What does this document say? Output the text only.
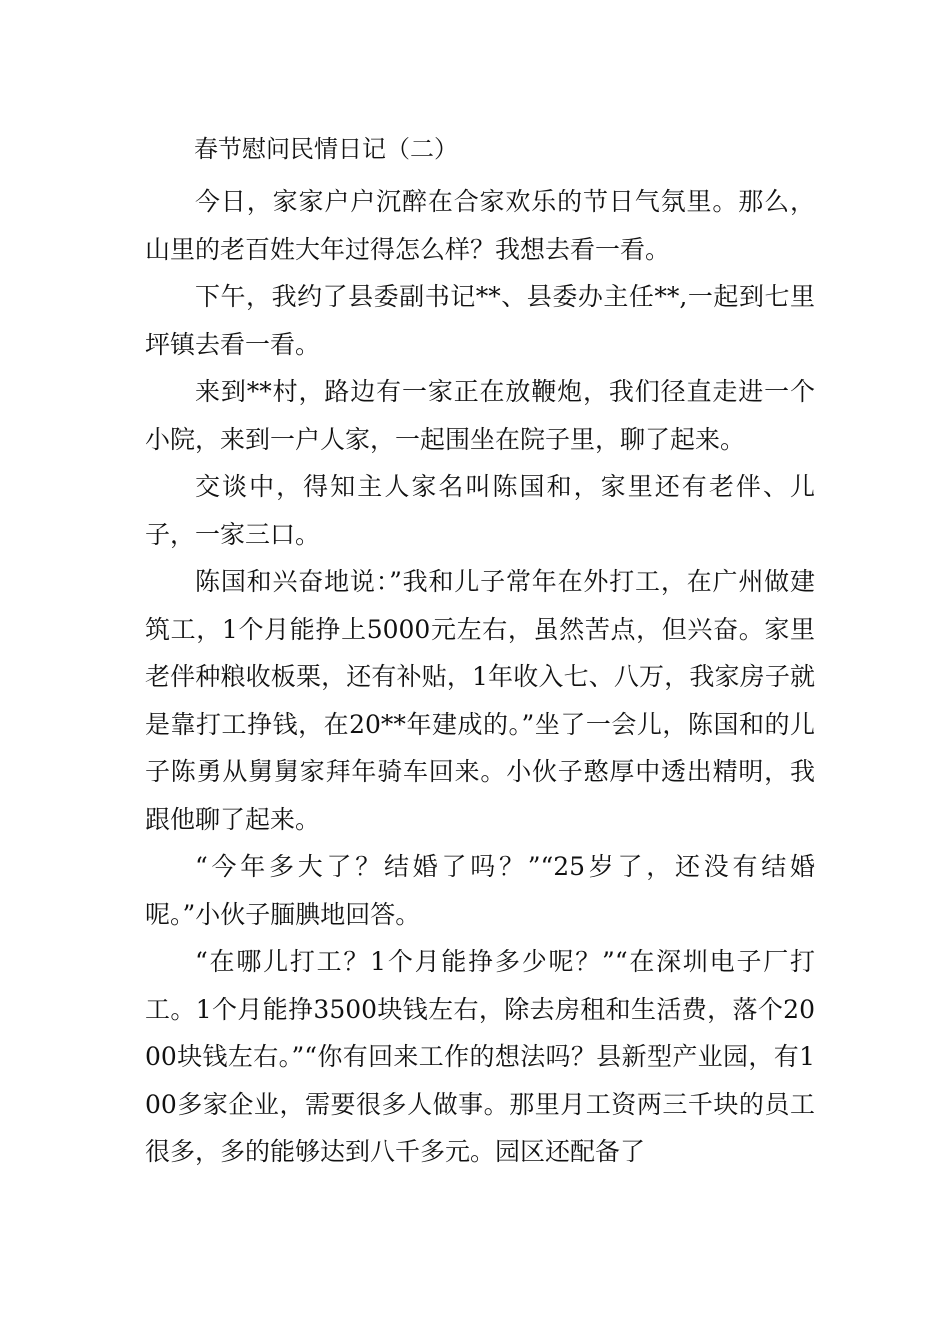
春节慰问民情日记（二）

今日，家家户户沉醉在合家欢乐的节日气氛里。那么，山里的老百姓大年过得怎么样？我想去看一看。

下午，我约了县委副书记**、县委办主任**,一起到七里坪镇去看一看。

来到**村，路边有一家正在放鞭炮，我们径直走进一个小院，来到一户人家，一起围坐在院子里，聊了起来。

交谈中，得知主人家名叫陈国和，家里还有老伴、儿子，一家三口。

陈国和兴奋地说：”我和儿子常年在外打工，在广州做建筑工，1个月能挣上5000元左右，虽然苦点，但兴奋。家里老伴种粮收板栗，还有补贴，1年收入七、八万，我家房子就是靠打工挣钱，在20**年建成的。”坐了一会儿，陈国和的儿子陈勇从舅舅家拜年骑车回来。小伙子憨厚中透出精明，我跟他聊了起来。

“今年多大了？结婚了吗？”“25岁了，还没有结婚呢。”小伙子腼腆地回答。

“在哪儿打工？1个月能挣多少呢？”“在深圳电子厂打工。1个月能挣3500块钱左右，除去房租和生活费，落个2000块钱左右。”“你有回来工作的想法吗？县新型产业园，有100多家企业，需要很多人做事。那里月工资两三千块的员工很多，多的能够达到八千多元。园区还配备了
